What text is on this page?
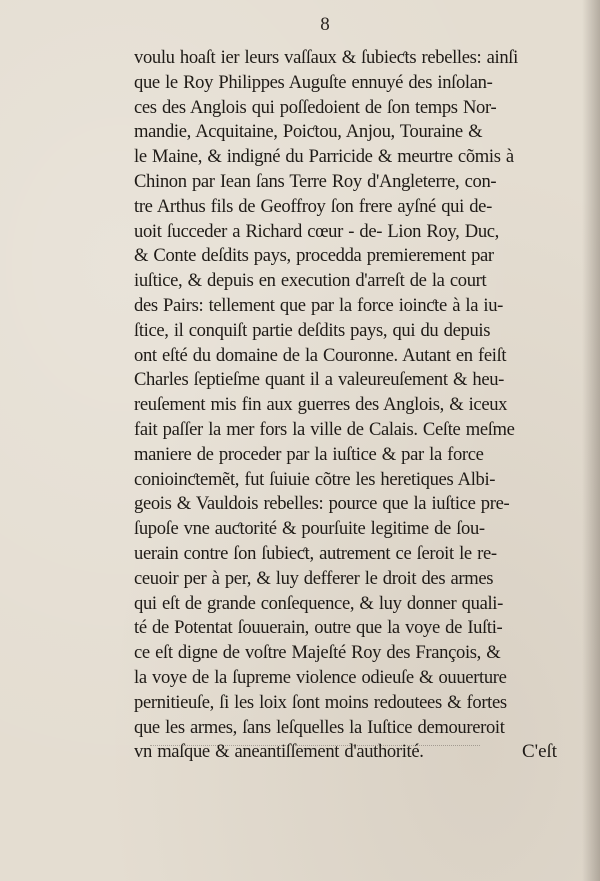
8
voulu hoaſt ier leurs vaſſaux & ſubieƈts rebelles: ainſi
que le Roy Philippes Auguſte ennuyé des inſolan-
ces des Anglois qui poſſedoient de ſon temps Nor-
mandie, Acquitaine, Poiƈtou, Anjou, Touraine &
le Maine, & indigné du Parricide & meurtre cõmis à
Chinon par Iean ſans Terre Roy d'Angleterre, con-
tre Arthus fils de Geoffroy ſon frere ayſné qui de-
uoit ſucceder a Richard cœur - de- Lion Roy, Duc,
& Conte deſdits pays, procedda premierement par
iuſtice, & depuis en execution d'arreſt de la court
des Pairs: tellement que par la force ioinƈte à la iu-
ſtice, il conquiſt partie deſdits pays, qui du depuis
ont eſté du domaine de la Couronne. Autant en feiſt
Charles ſeptieſme quant il a valeureuſement & heu-
reuſement mis fin aux guerres des Anglois, & iceux
fait paſſer la mer fors la ville de Calais. Ceſte meſme
maniere de proceder par la iuſtice & par la force
conioinƈtemẽt, fut ſuiuie cõtre les heretiques Albi-
geois & Vauldois rebelles: pource que la iuſtice pre-
ſupoſe vne auƈtorité & pourſuite legitime de ſou-
uerain contre ſon ſubieƈt, autrement ce ſeroit le re-
ceuoir per à per, & luy defferer le droit des armes
qui eſt de grande conſequence, & luy donner quali-
té de Potentat ſouuerain, outre que la voye de Iuſti-
ce eſt digne de voſtre Majeſté Roy des François, &
la voye de la ſupreme violence odieuſe & ouuerture
pernitieuſe, ſi les loix ſont moins redoutees & fortes
que les armes, ſans leſquelles la Iuſtice demoureroit
vn maſque & aneantiſſement d'authorité.	C'eſt
